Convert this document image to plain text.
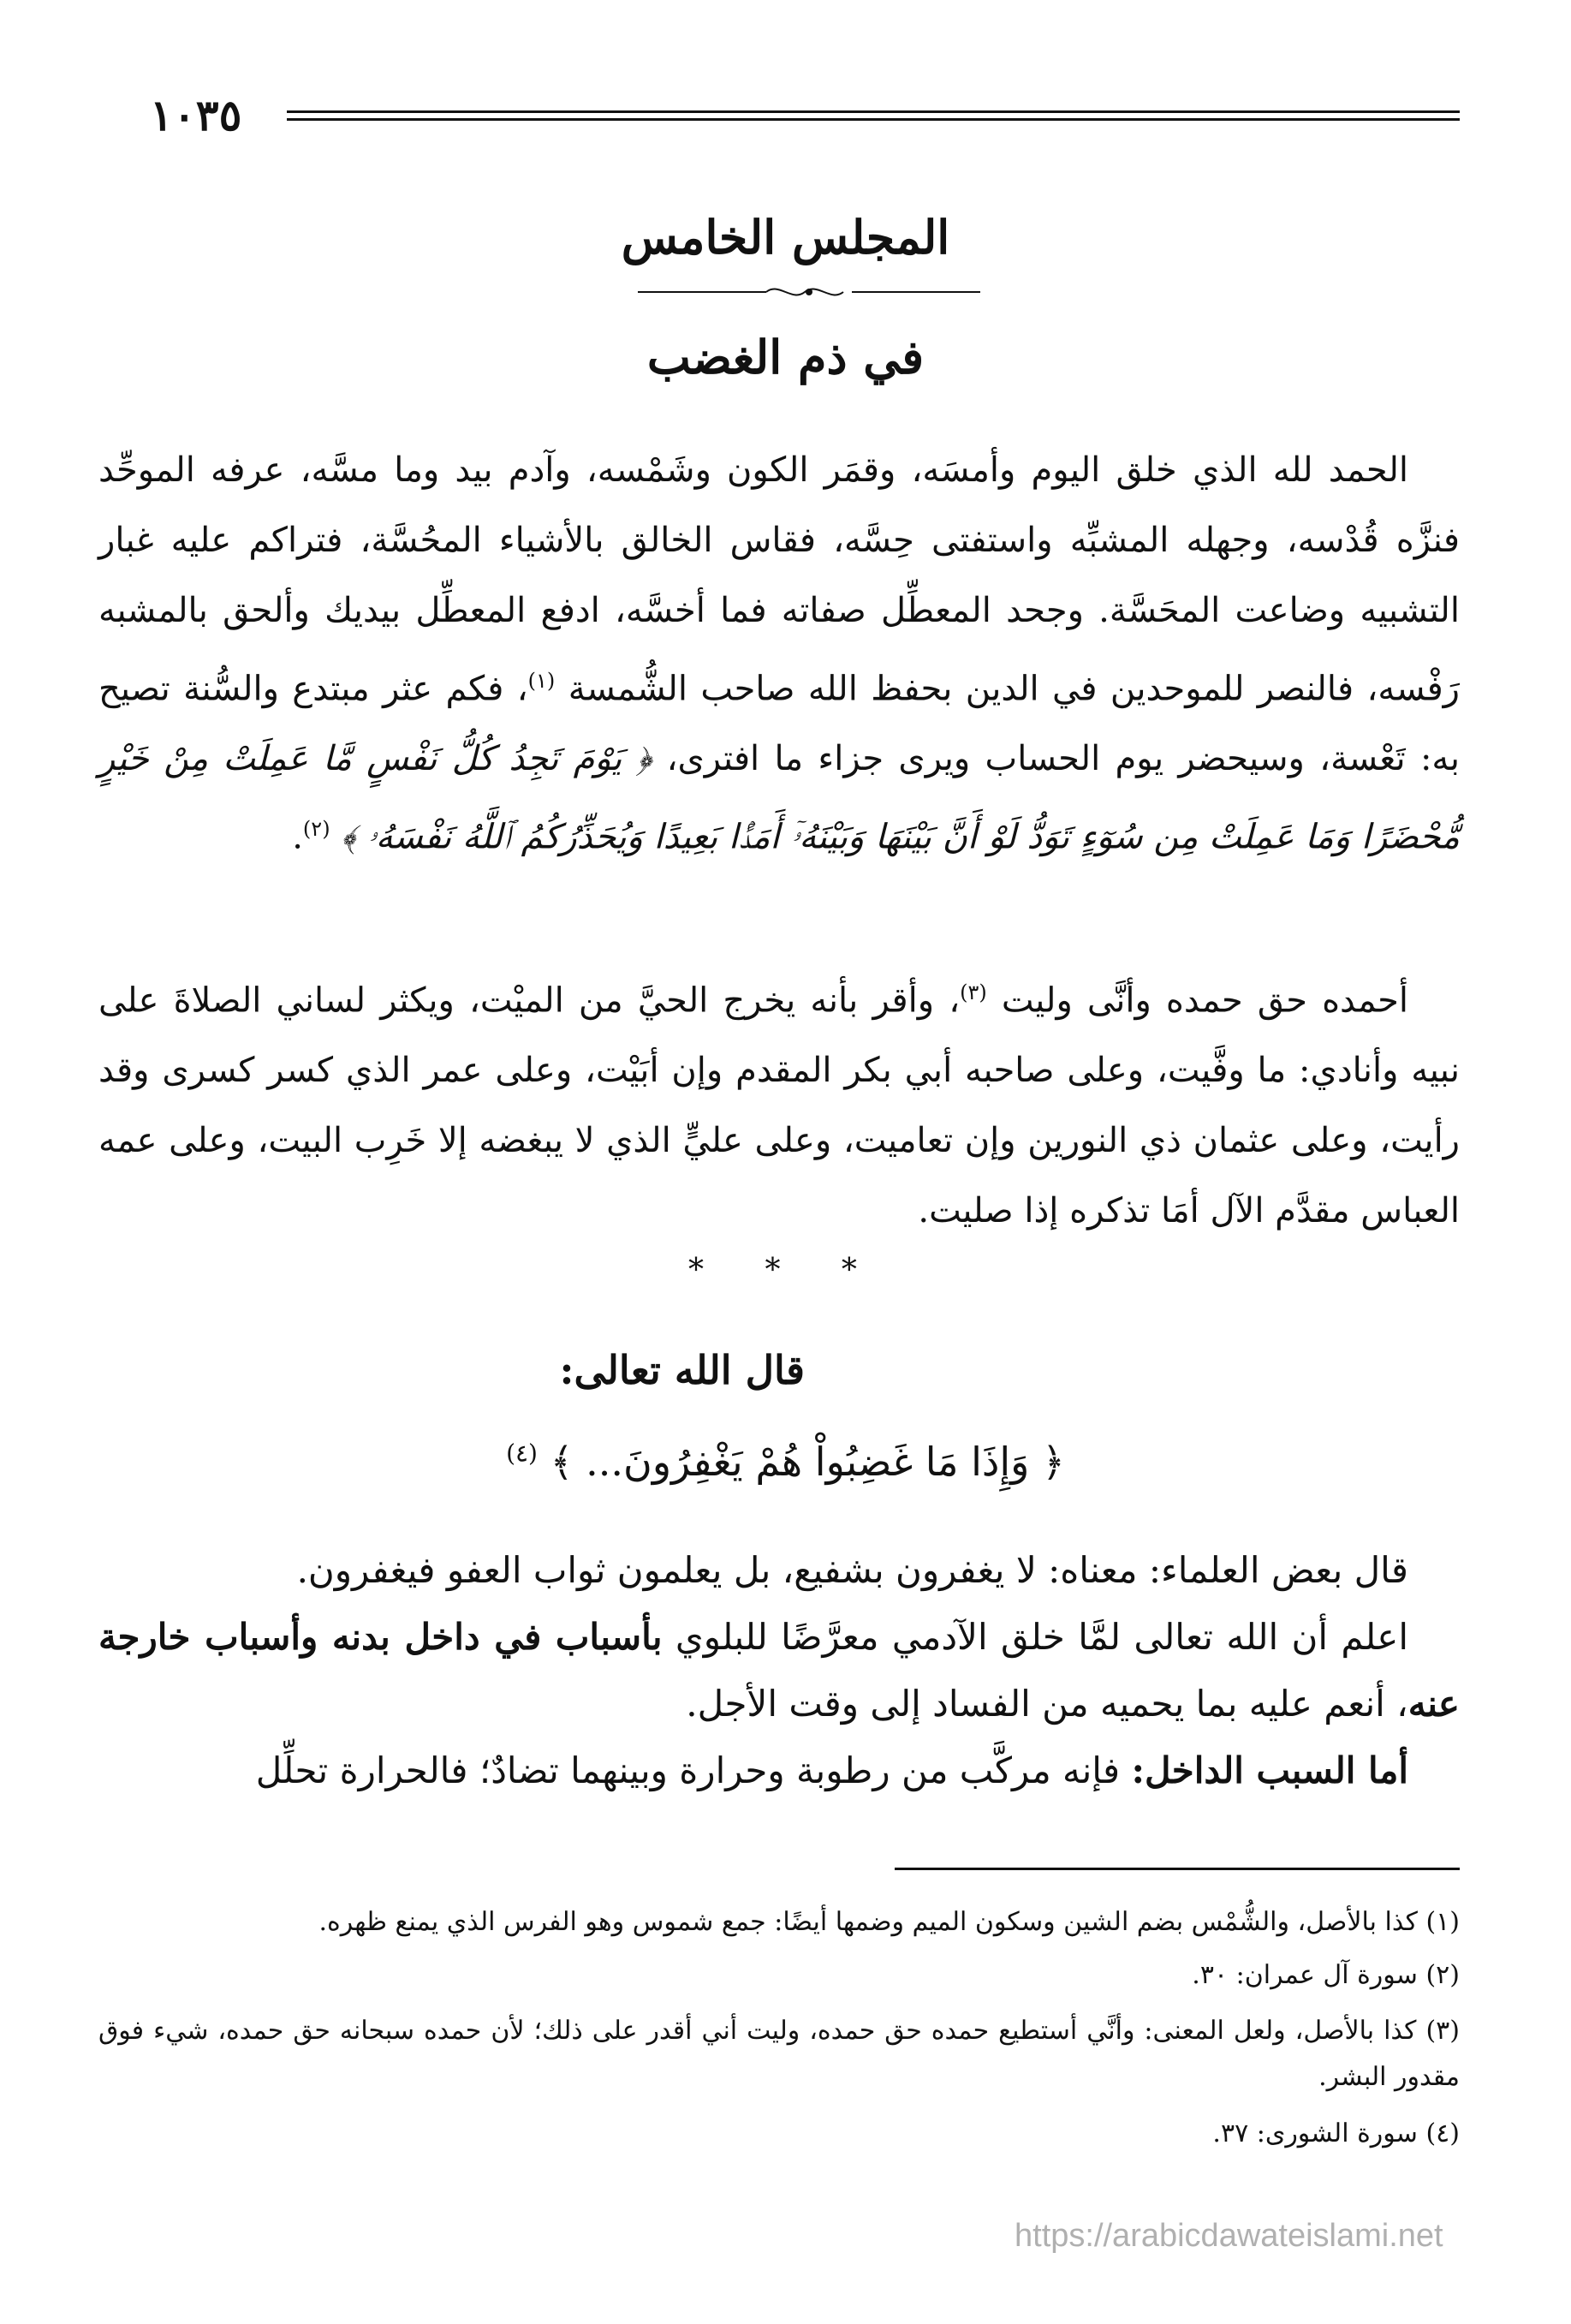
١٠٣٥
المجلس الخامس
في ذم الغضب

الحمد لله الذي خلق اليوم وأمسَه، وقمَر الكون وشَمْسه، وآدم بيد وما مسَّه، عرفه الموحِّد فنزَّه قُدْسه، وجهله المشبِّه واستفتى حِسَّه، فقاس الخالق بالأشياء المحُسَّة، فتراكم عليه غبار التشبيه وضاعت المحَسَّة. وجحد المعطِّل صفاته فما أخسَّه، ادفع المعطِّل بيديك وألحق بالمشبه رَفْسه، فالنصر للموحدين في الدين بحفظ الله صاحب الشُّمسة $^{(١)}$، فكم عثر مبتدع والسُّنة تصيح به: تَعْسة، وسيحضر يوم الحساب ويرى جزاء ما افترى، ﴿ يَوْمَ تَجِدُ كُلُّ نَفْسٍ مَّا عَمِلَتْ مِنْ خَيْرٍ مُّحْضَرًا وَمَا عَمِلَتْ مِن سُوٓءٍ تَوَدُّ لَوْ أَنَّ بَيْنَهَا وَبَيْنَهُۥٓ أَمَدًۢا بَعِيدًا وَيُحَذِّرُكُمُ ٱللَّهُ نَفْسَهُۥ ﴾ $^{(٢)}$.

أحمده حق حمده وأنَّى وليت $^{(٣)}$، وأقر بأنه يخرج الحيَّ من الميْت، ويكثر لساني الصلاةَ على نبيه وأنادي: ما وفَّيت، وعلى صاحبه أبي بكر المقدم وإن أبَيْت، وعلى عمر الذي كسر كسرى وقد رأيت، وعلى عثمان ذي النورين وإن تعاميت، وعلى عليٍّ الذي لا يبغضه إلا خَرِب البيت، وعلى عمه العباس مقدَّم الآل أمَا تذكره إذا صليت.

* * *
قال الله تعالى:
﴿ وَإِذَا مَا غَضِبُواْ هُمْ يَغْفِرُونَ... ﴾ $^{(٤)}$

قال بعض العلماء: معناه: لا يغفرون بشفيع، بل يعلمون ثواب العفو فيغفرون.

اعلم أن الله تعالى لمَّا خلق الآدمي معرَّضًا للبلوي بأسباب في داخل بدنه وأسباب خارجة عنه، أنعم عليه بما يحميه من الفساد إلى وقت الأجل.

أما السبب الداخل: فإنه مركَّب من رطوبة وحرارة وبينهما تضادٌ؛ فالحرارة تحلِّل

(١) كذا بالأصل، والشُّمْس بضم الشين وسكون الميم وضمها أيضًا: جمع شموس وهو الفرس الذي يمنع ظهره.
(٢) سورة آل عمران: ٣٠.
(٣) كذا بالأصل، ولعل المعنى: وأنَّي أستطيع حمده حق حمده، وليت أني أقدر على ذلك؛ لأن حمده سبحانه حق حمده، شيء فوق مقدور البشر.
(٤) سورة الشورى: ٣٧.
https://arabicdawateislami.net
